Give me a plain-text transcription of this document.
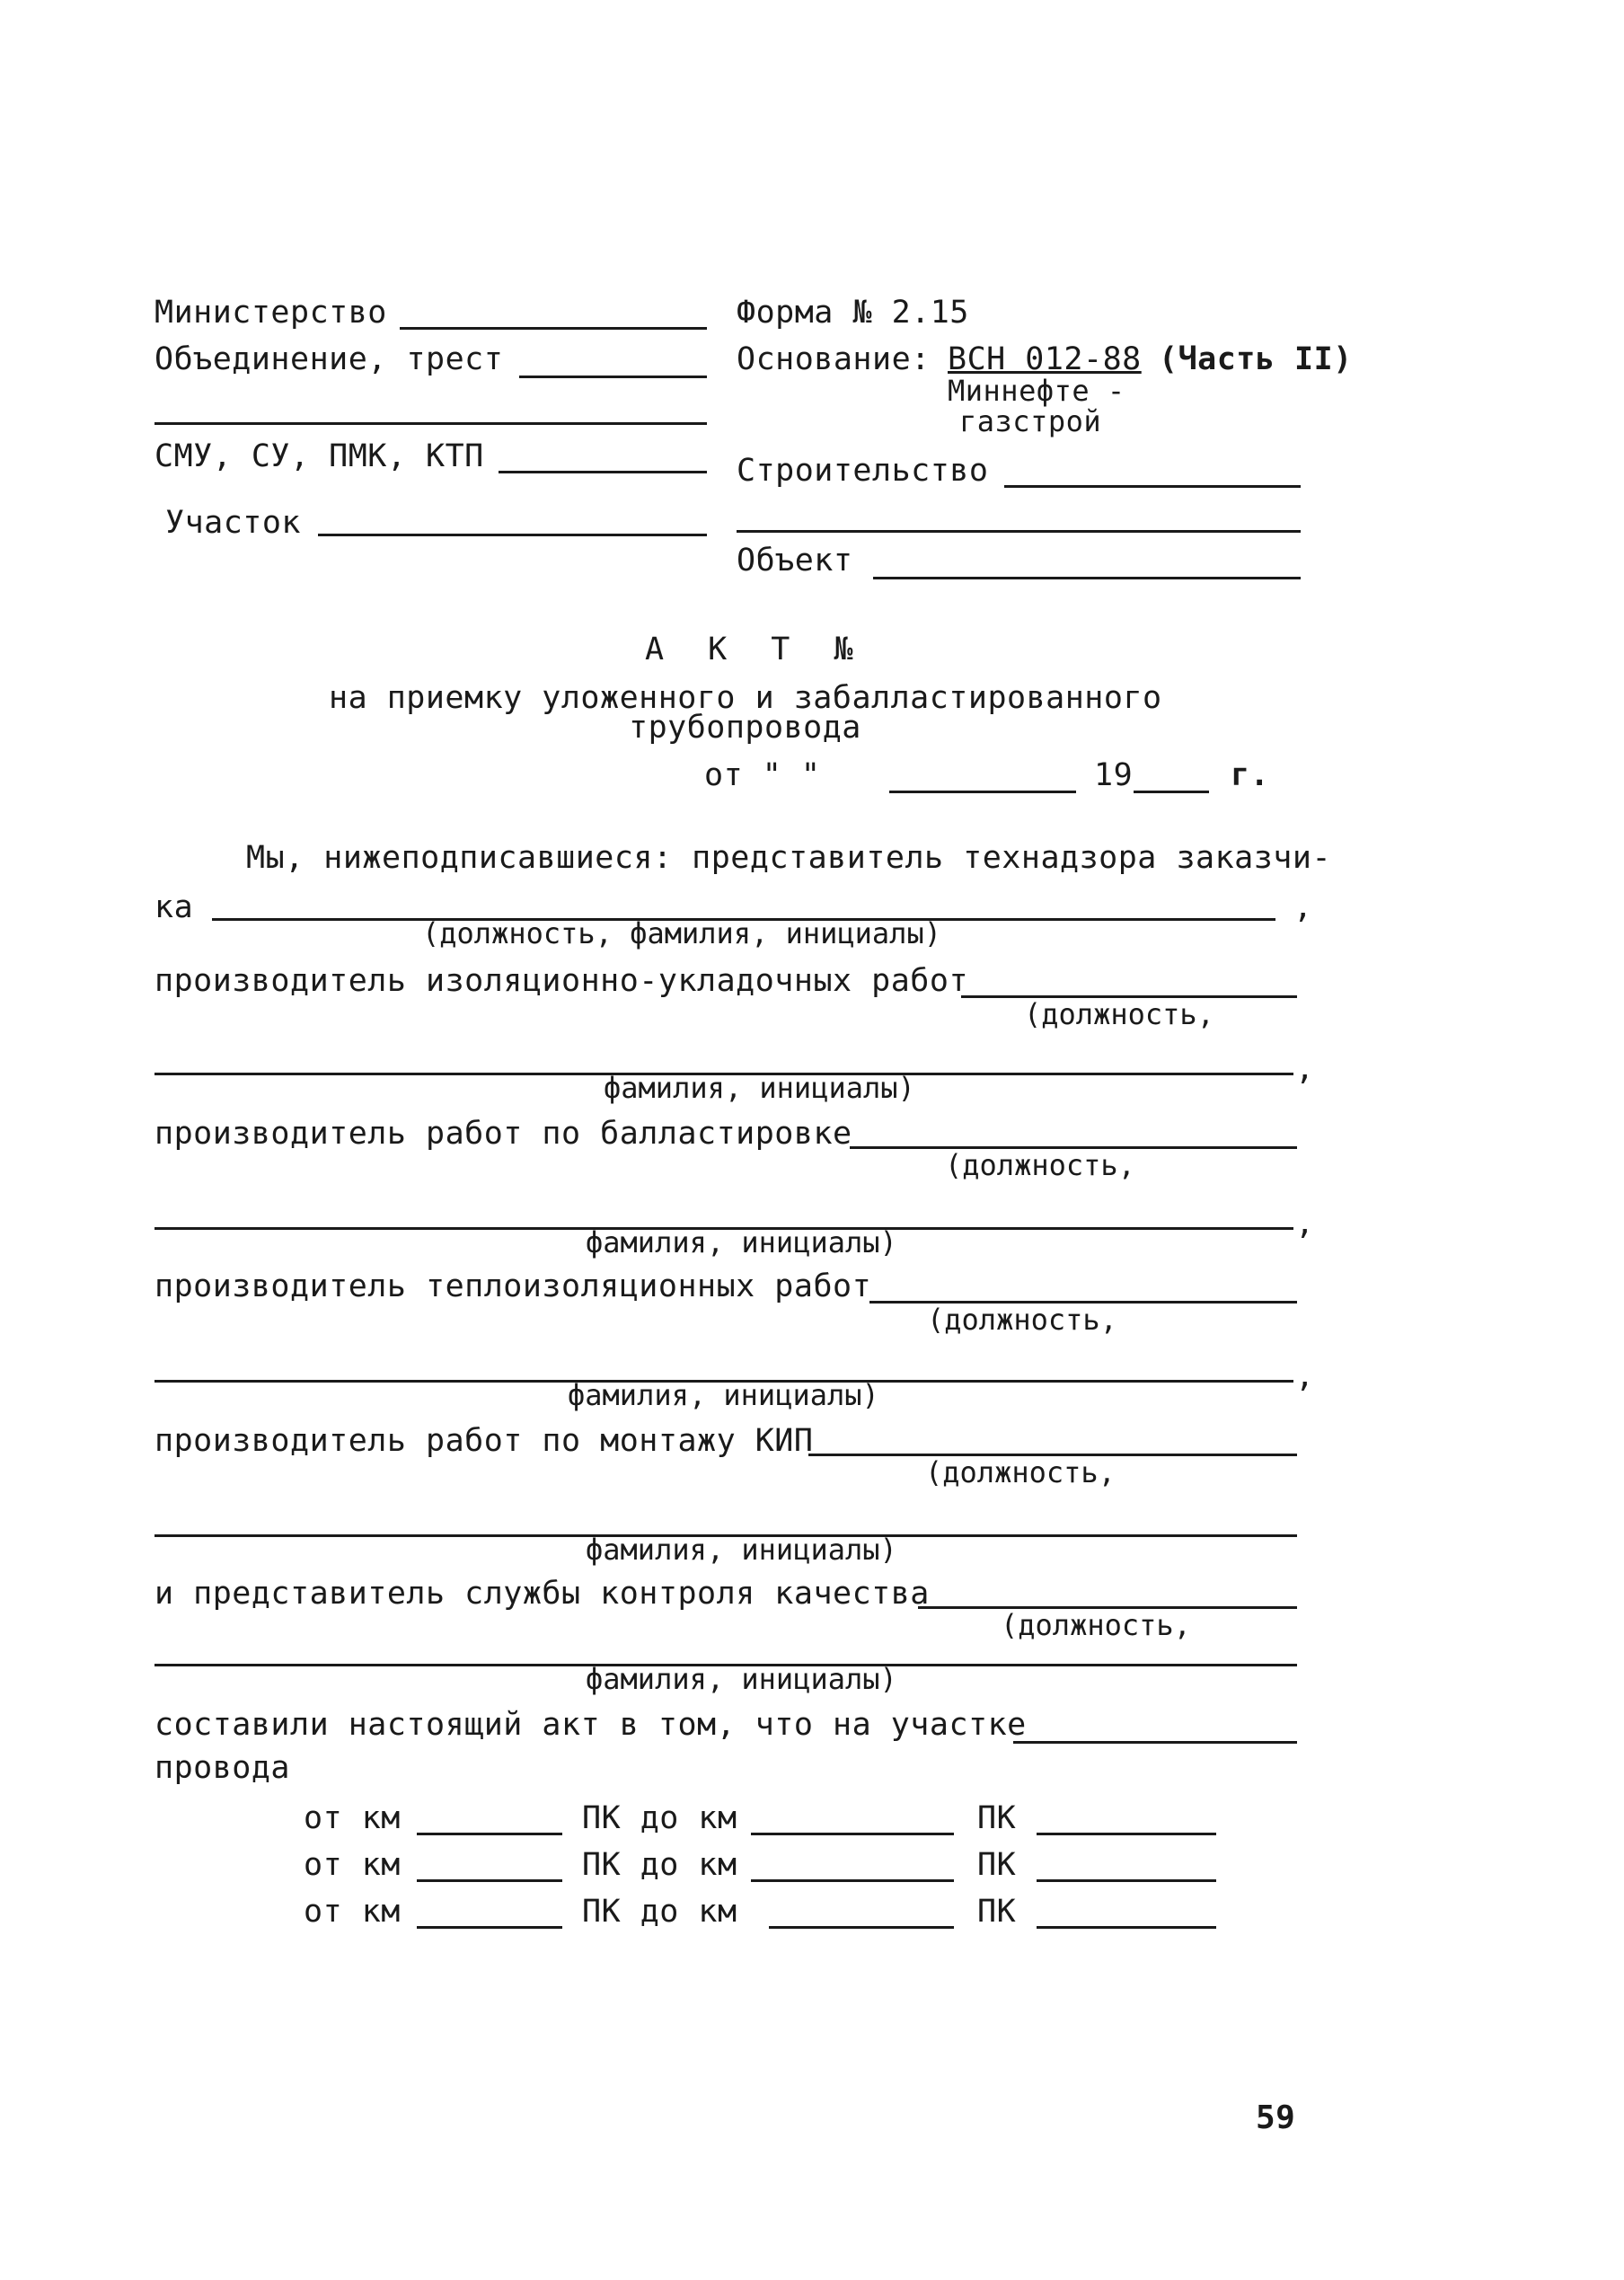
Министерство
Объединение, трест
СМУ, СУ, ПМК, КТП
Участок
Форма № 2.15
Основание: ВСН 012-88 (Часть II)
Миннефте -
газстрой
Строительство
Объект
А К Т №
на приемку уложенного и забалластированного
трубопровода
от " "	19	г.
Мы, нижеподписавшиеся: представитель технадзора заказчи-
ка	,
(должность, фамилия, инициалы)
производитель изоляционно-укладочных работ
(должность,
,
фамилия, инициалы)
производитель работ по балластировке
(должность,
,
фамилия, инициалы)
производитель теплоизоляционных работ
(должность,
,
фамилия, инициалы)
производитель работ по монтажу КИП
(должность,
фамилия, инициалы)
и представитель службы контроля качества
(должность,
фамилия, инициалы)
составили настоящий акт в том, что на участке
провода
от км	ПК до км	ПК
от км	ПК до км	ПК
от км	ПК до км	ПК
59
